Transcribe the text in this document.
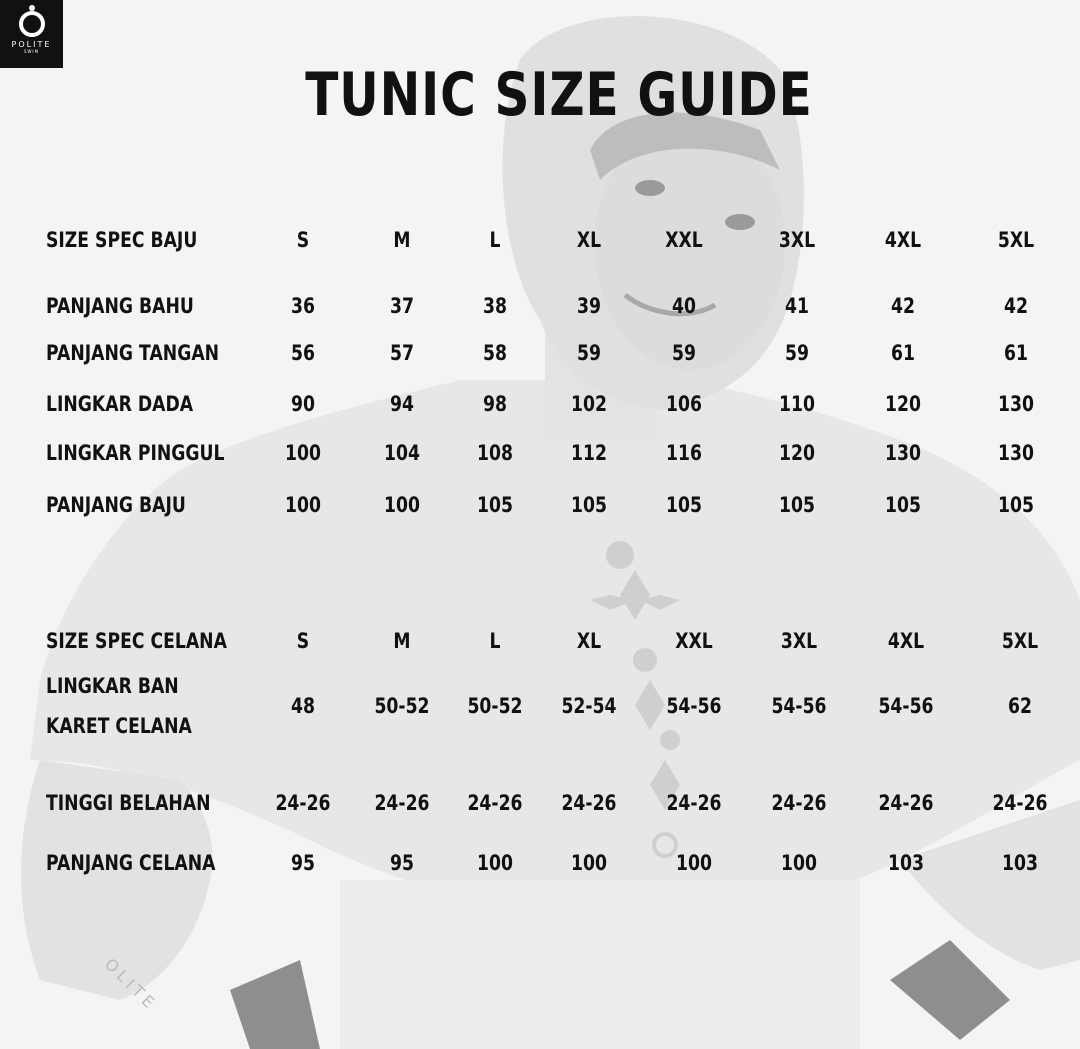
POLITE
SWIM
TUNIC SIZE GUIDE
OLITE
SIZE SPEC BAJU	S	M	L	XL	XXL	3XL	4XL	5XL
PANJANG BAHU	36	37	38	39	40	41	42	42
PANJANG TANGAN	56	57	58	59	59	59	61	61
LINGKAR DADA	90	94	98	102	106	110	120	130
LINGKAR PINGGUL	100	104	108	112	116	120	130	130
PANJANG BAJU	100	100	105	105	105	105	105	105
SIZE SPEC CELANA	S	M	L	XL	XXL	3XL	4XL	5XL
LINGKAR BAN
KARET CELANA
48	50-52	50-52	52-54	54-56	54-56	54-56	62
TINGGI BELAHAN	24-26	24-26	24-26	24-26	24-26	24-26	24-26	24-26
PANJANG CELANA	95	95	100	100	100	100	103	103
